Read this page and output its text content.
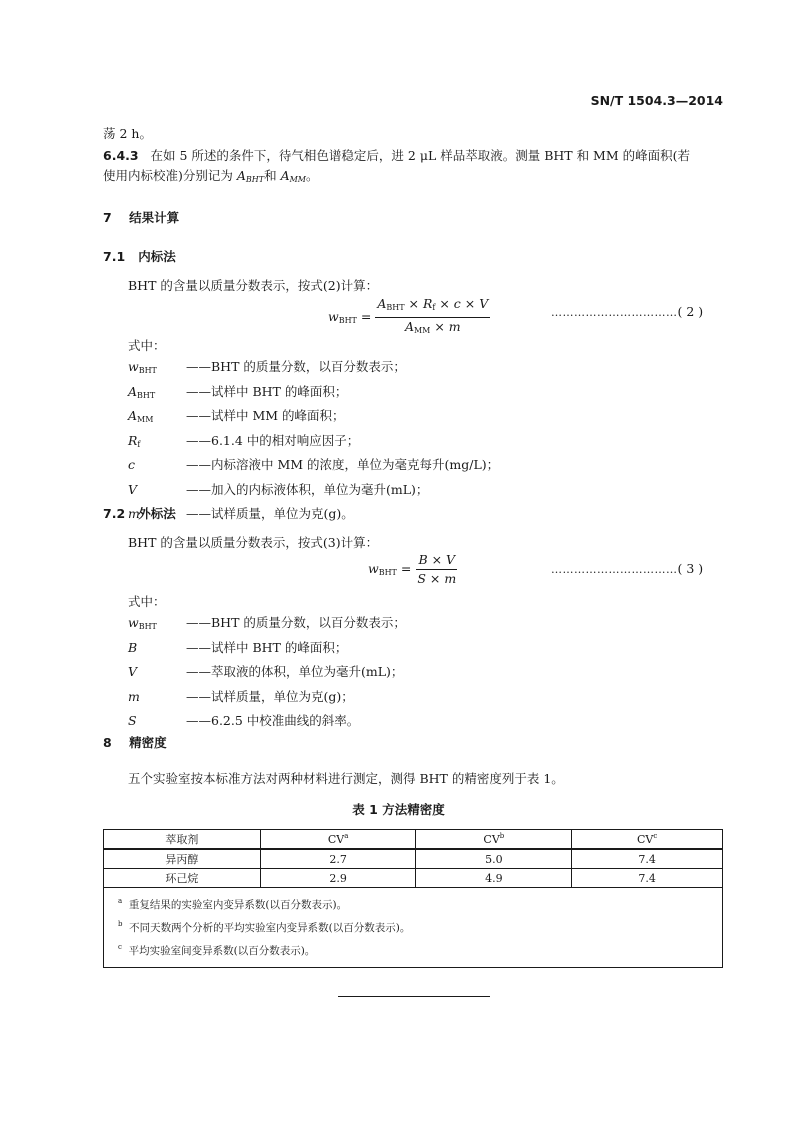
SN/T 1504.3—2014
荡 2 h。
6.4.3 在如 5 所述的条件下，待气相色谱稳定后，进 2 μL 样品萃取液。测量 BHT 和 MM 的峰面积(若
使用内标校准)分别记为 $A_{BHT}$和 $A_{MM}$。
7 结果计算
7.1 内标法
BHT 的含量以质量分数表示，按式(2)计算：
$w_{BHT} = \frac{A_{BHT} \times R_f \times c \times V}{A_{MM} \times m}$	……………………………( 2 )
式中：
$w_{BHT}$	——BHT 的质量分数，以百分数表示；
$A_{BHT}$	——试样中 BHT 的峰面积；
$A_{MM}$	——试样中 MM 的峰面积；
$R_f$	——6.1.4 中的相对响应因子；
c	——内标溶液中 MM 的浓度，单位为毫克每升(mg/L)；
V	——加入的内标液体积，单位为毫升(mL)；
m	——试样质量，单位为克(g)。
7.2 外标法
BHT 的含量以质量分数表示，按式(3)计算：
$w_{BHT} = \frac{B \times V}{S \times m}$	……………………………( 3 )
式中：
$w_{BHT}$	——BHT 的质量分数，以百分数表示；
B	——试样中 BHT 的峰面积；
V	——萃取液的体积，单位为毫升(mL)；
m	——试样质量，单位为克(g)；
S	——6.2.5 中校准曲线的斜率。
8 精密度
五个实验室按本标准方法对两种材料进行测定，测得 BHT 的精密度列于表 1。
表 1 方法精密度
萃取剂	$CV^a$	$CV^b$	$CV^c$
异丙醇	2.7	5.0	7.4
环己烷	2.9	4.9	7.4

$^a$ 重复结果的实验室内变异系数(以百分数表示)。
$^b$ 不同天数两个分析的平均实验室内变异系数(以百分数表示)。
$^c$ 平均实验室间变异系数(以百分数表示)。			
